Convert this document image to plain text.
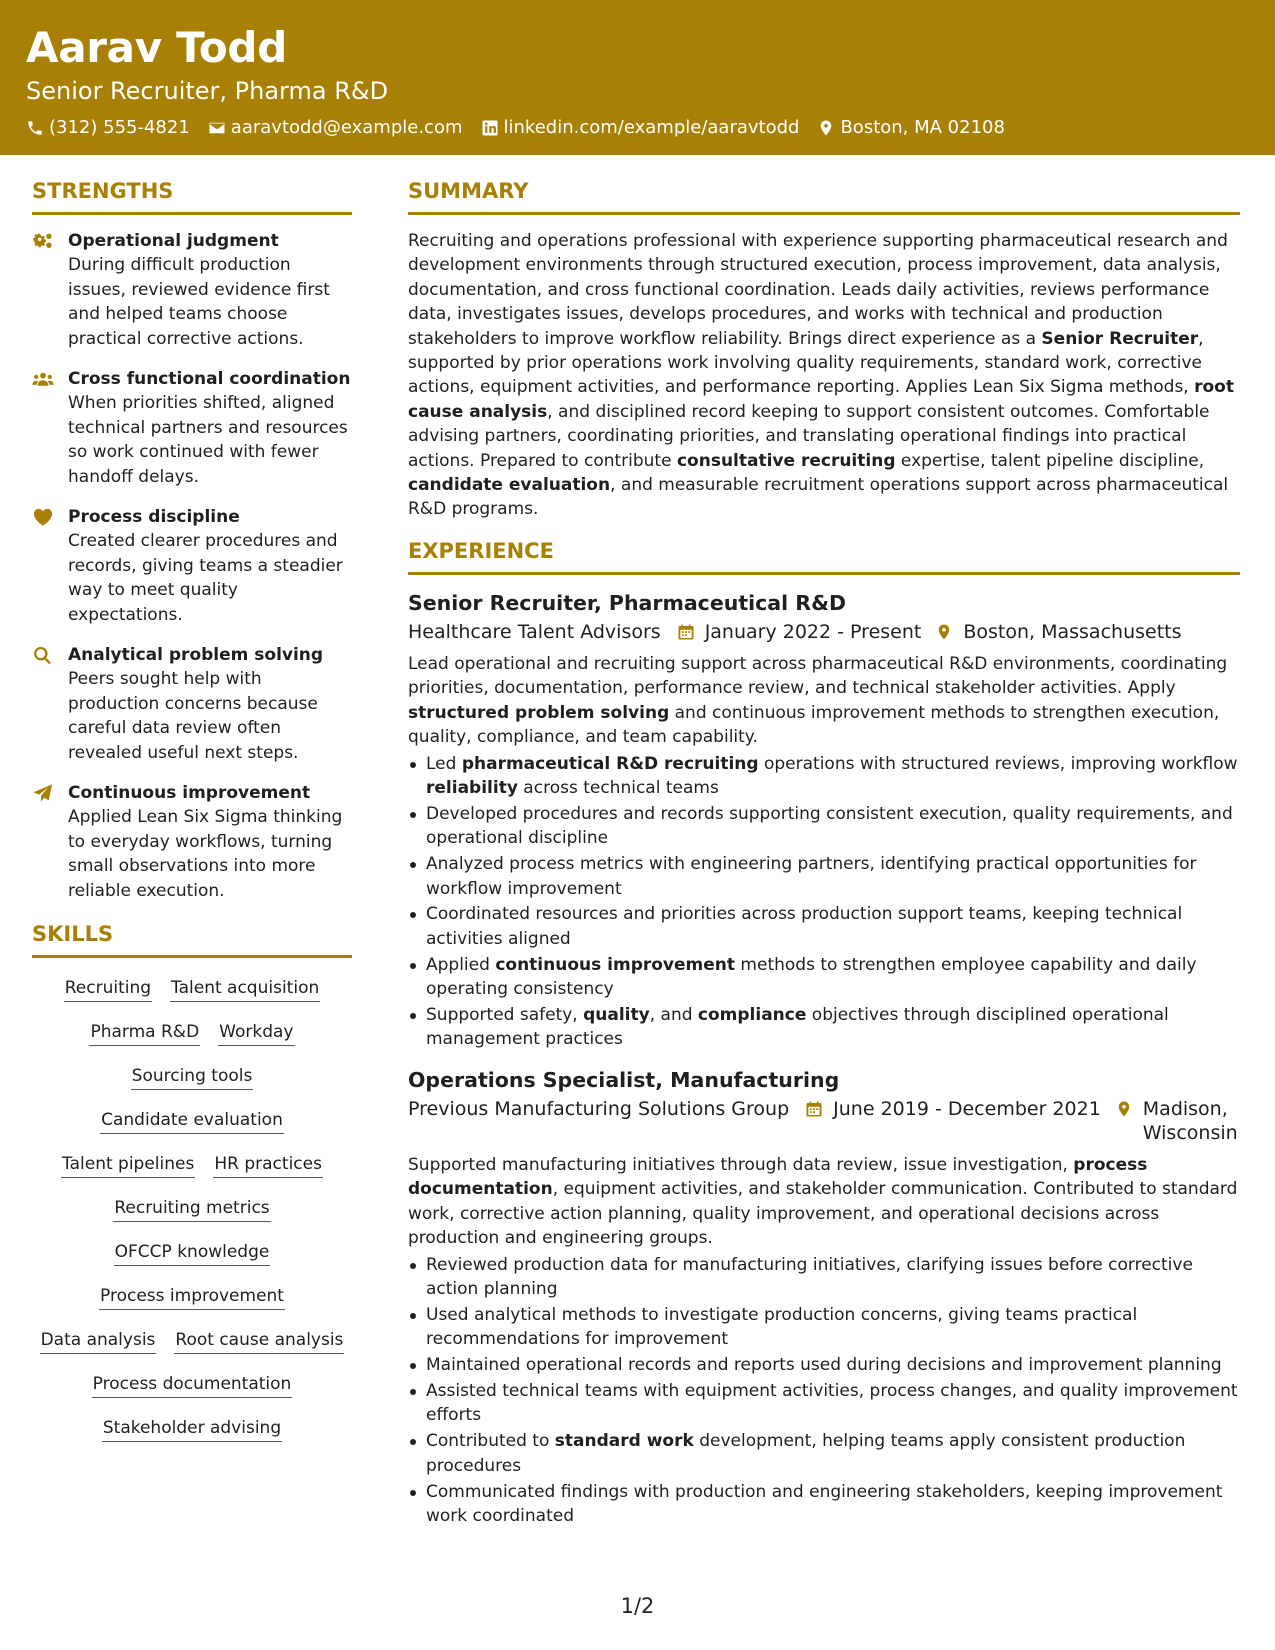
Aarav Todd
Senior Recruiter, Pharma R&D
(312) 555-4821 aaravtodd@example.com linkedin.com/example/aaravtodd Boston, MA 02108
STRENGTHS
Operational judgment
During difficult production issues, reviewed evidence first and helped teams choose practical corrective actions.
Cross functional coordination
When priorities shifted, aligned technical partners and resources so work continued with fewer handoff delays.
Process discipline
Created clearer procedures and records, giving teams a steadier way to meet quality expectations.
Analytical problem solving
Peers sought help with production concerns because careful data review often revealed useful next steps.
Continuous improvement
Applied Lean Six Sigma thinking to everyday workflows, turning small observations into more reliable execution.
SKILLS
Recruiting Talent acquisition
Pharma R&D Workday
Sourcing tools
Candidate evaluation
Talent pipelines HR practices
Recruiting metrics
OFCCP knowledge
Process improvement
Data analysis Root cause analysis
Process documentation
Stakeholder advising
SUMMARY
Recruiting and operations professional with experience supporting pharmaceutical research and development environments through structured execution, process improvement, data analysis, documentation, and cross functional coordination. Leads daily activities, reviews performance data, investigates issues, develops procedures, and works with technical and production stakeholders to improve workflow reliability. Brings direct experience as a Senior Recruiter, supported by prior operations work involving quality requirements, standard work, corrective actions, equipment activities, and performance reporting. Applies Lean Six Sigma methods, root cause analysis, and disciplined record keeping to support consistent outcomes. Comfortable advising partners, coordinating priorities, and translating operational findings into practical actions. Prepared to contribute consultative recruiting expertise, talent pipeline discipline, candidate evaluation, and measurable recruitment operations support across pharmaceutical R&D programs.
EXPERIENCE
Senior Recruiter, Pharmaceutical R&D
Healthcare Talent Advisors January 2022 - Present Boston, Massachusetts
Lead operational and recruiting support across pharmaceutical R&D environments, coordinating priorities, documentation, performance review, and technical stakeholder activities. Apply structured problem solving and continuous improvement methods to strengthen execution, quality, compliance, and team capability.
Led pharmaceutical R&D recruiting operations with structured reviews, improving workflow reliability across technical teams
Developed procedures and records supporting consistent execution, quality requirements, and operational discipline
Analyzed process metrics with engineering partners, identifying practical opportunities for workflow improvement
Coordinated resources and priorities across production support teams, keeping technical activities aligned
Applied continuous improvement methods to strengthen employee capability and daily operating consistency
Supported safety, quality, and compliance objectives through disciplined operational management practices
Operations Specialist, Manufacturing
Previous Manufacturing Solutions Group June 2019 - December 2021 Madison, Wisconsin
Supported manufacturing initiatives through data review, issue investigation, process documentation, equipment activities, and stakeholder communication. Contributed to standard work, corrective action planning, quality improvement, and operational decisions across production and engineering groups.
Reviewed production data for manufacturing initiatives, clarifying issues before corrective action planning
Used analytical methods to investigate production concerns, giving teams practical recommendations for improvement
Maintained operational records and reports used during decisions and improvement planning
Assisted technical teams with equipment activities, process changes, and quality improvement efforts
Contributed to standard work development, helping teams apply consistent production procedures
Communicated findings with production and engineering stakeholders, keeping improvement work coordinated
1/2
